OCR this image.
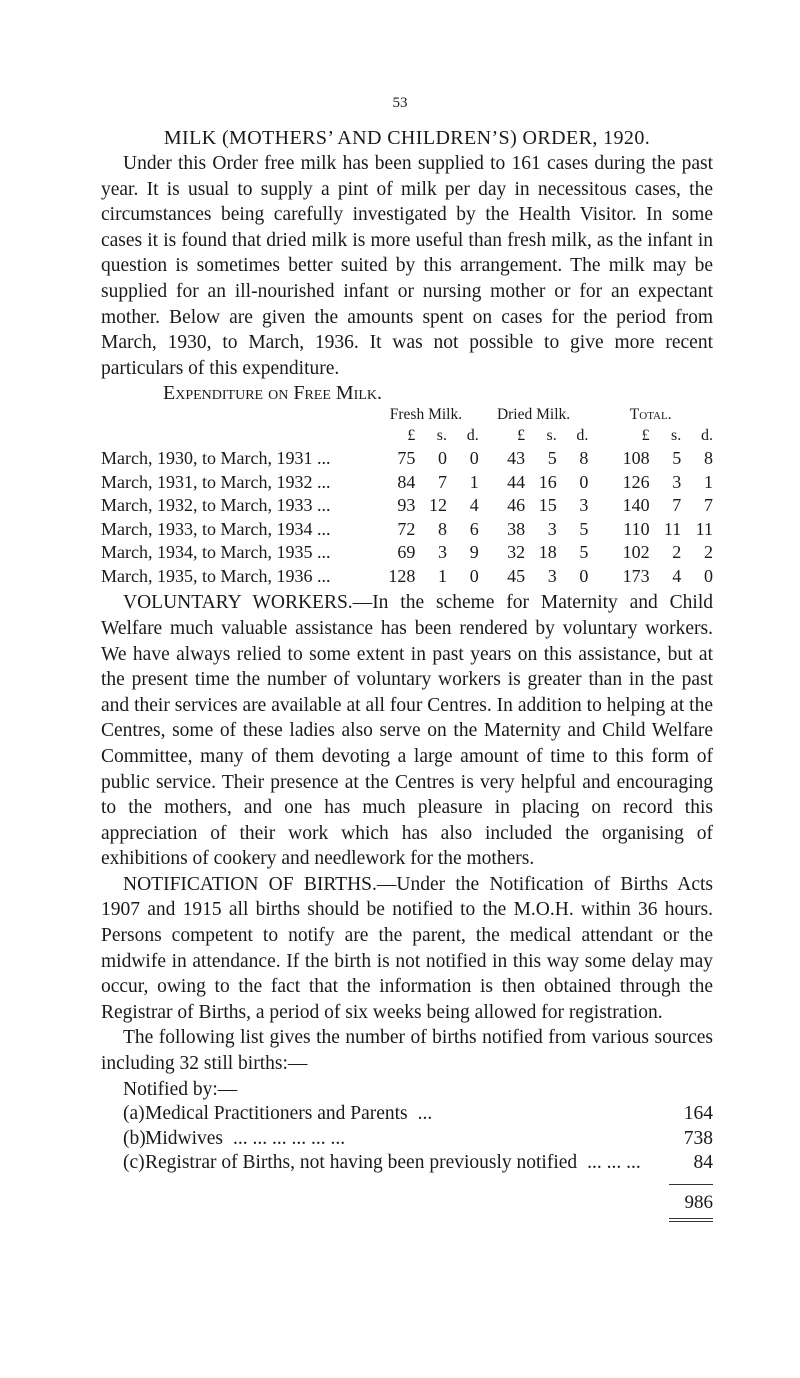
53
MILK (MOTHERS’ AND CHILDREN’S) ORDER, 1920.

Under this Order free milk has been supplied to 161 cases during the past year. It is usual to supply a pint of milk per day in necessitous cases, the circumstances being carefully investigated by the Health Visitor. In some cases it is found that dried milk is more useful than fresh milk, as the infant in question is sometimes better suited by this arrangement. The milk may be supplied for an ill-nourished infant or nursing mother or for an expectant mother. Below are given the amounts spent on cases for the period from March, 1930, to March, 1936. It was not possible to give more recent particulars of this expenditure.

Expenditure on Free Milk.
	Fresh Milk.			Dried Milk.			Total.		
	£	s.	d.	£	s.	d.	£	s.	d.
March, 1930, to March, 1931 ...	75	0	0	43	5	8	108	5	8
March, 1931, to March, 1932 ...	84	7	1	44	16	0	126	3	1
March, 1932, to March, 1933 ...	93	12	4	46	15	3	140	7	7
March, 1933, to March, 1934 ...	72	8	6	38	3	5	110	11	11
March, 1934, to March, 1935 ...	69	3	9	32	18	5	102	2	2
March, 1935, to March, 1936 ...	128	1	0	45	3	0	173	4	0

VOLUNTARY WORKERS.—In the scheme for Maternity and Child Welfare much valuable assistance has been rendered by voluntary workers. We have always relied to some extent in past years on this assistance, but at the present time the number of voluntary workers is greater than in the past and their services are available at all four Centres. In addition to helping at the Centres, some of these ladies also serve on the Maternity and Child Welfare Committee, many of them devoting a large amount of time to this form of public service. Their presence at the Centres is very helpful and encouraging to the mothers, and one has much pleasure in placing on record this appreciation of their work which has also included the organising of exhibitions of cookery and needlework for the mothers.

NOTIFICATION OF BIRTHS.—Under the Notification of Births Acts 1907 and 1915 all births should be notified to the M.O.H. within 36 hours. Persons competent to notify are the parent, the medical attendant or the midwife in attendance. If the birth is not notified in this way some delay may occur, owing to the fact that the information is then obtained through the Registrar of Births, a period of six weeks being allowed for registration.

The following list gives the number of births notified from various sources including 32 still births:—

Notified by:—
(a) Medical Practitioners and Parents ...	164
(b) Midwives ... ... ... ... ... ...	738
(c) Registrar of Births, not having been previously notified ... ... ...	84
986
